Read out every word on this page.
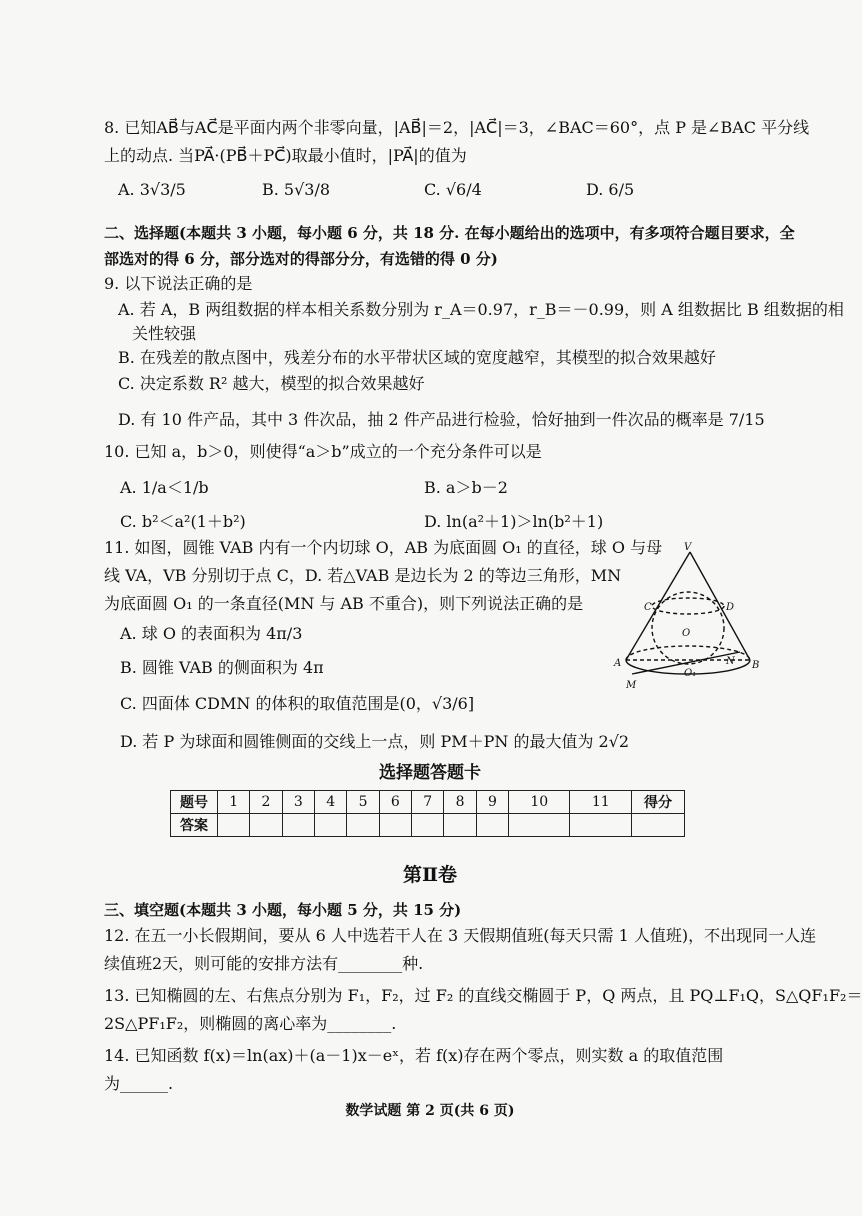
8. 已知AB⃗与AC⃗是平面内两个非零向量，|AB⃗|＝2，|AC⃗|＝3，∠BAC＝60°，点 P 是∠BAC 平分线
上的动点. 当PA⃗·(PB⃗＋PC⃗)取最小值时，|PA⃗|的值为
A. 3√3/5	B. 5√3/8	C. √6/4	D. 6/5
二、选择题(本题共 3 小题，每小题 6 分，共 18 分. 在每小题给出的选项中，有多项符合题目要求，全
部选对的得 6 分，部分选对的得部分分，有选错的得 0 分)
9. 以下说法正确的是
A. 若 A，B 两组数据的样本相关系数分别为 r_A＝0.97，r_B＝－0.99，则 A 组数据比 B 组数据的相
关性较强
B. 在残差的散点图中，残差分布的水平带状区域的宽度越窄，其模型的拟合效果越好
C. 决定系数 R² 越大，模型的拟合效果越好
D. 有 10 件产品，其中 3 件次品，抽 2 件产品进行检验，恰好抽到一件次品的概率是 7/15
10. 已知 a，b＞0，则使得“a＞b”成立的一个充分条件可以是
A. 1/a＜1/b	B. a＞b－2
C. b²＜a²(1＋b²)	D. ln(a²＋1)＞ln(b²＋1)
11. 如图，圆锥 VAB 内有一个内切球 O，AB 为底面圆 O₁ 的直径，球 O 与母
线 VA，VB 分别切于点 C，D. 若△VAB 是边长为 2 的等边三角形，MN
为底面圆 O₁ 的一条直径(MN 与 AB 不重合)，则下列说法正确的是
A. 球 O 的表面积为 4π/3
B. 圆锥 VAB 的侧面积为 4π
C. 四面体 CDMN 的体积的取值范围是(0，√3/6]
D. 若 P 为球面和圆锥侧面的交线上一点，则 PM＋PN 的最大值为 2√2
V
C	D
O
A
O₁
N B
M
选择题答题卡
题号	1	2	3	4	5	6	7	8	9	10	11	得分
答案												
第Ⅱ卷
三、填空题(本题共 3 小题，每小题 5 分，共 15 分)
12. 在五一小长假期间，要从 6 人中选若干人在 3 天假期值班(每天只需 1 人值班)，不出现同一人连
续值班2天，则可能的安排方法有________种.
13. 已知椭圆的左、右焦点分别为 F₁，F₂，过 F₂ 的直线交椭圆于 P，Q 两点，且 PQ⊥F₁Q，S△QF₁F₂＝
2S△PF₁F₂，则椭圆的离心率为________.
14. 已知函数 f(x)＝ln(ax)＋(a－1)x－eˣ，若 f(x)存在两个零点，则实数 a 的取值范围
为______.
数学试题 第 2 页(共 6 页)
